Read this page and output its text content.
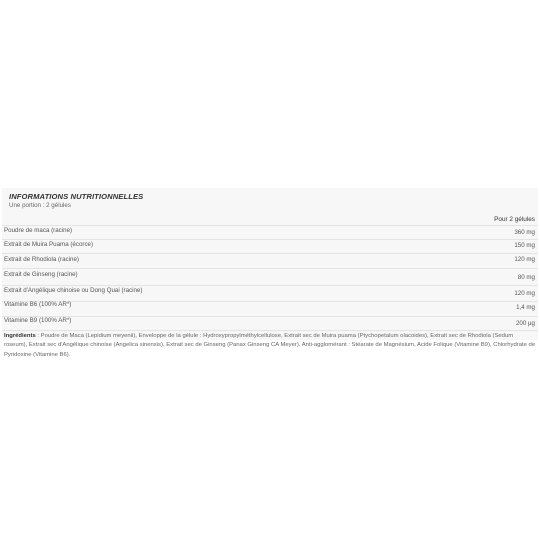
INFORMATIONS NUTRITIONNELLES
Une portion : 2 gélules
Pour 2 gélules
Poudre de maca (racine)	360 mg
Extrait de Muira Puama (écorce)	150 mg
Extrait de Rhodiola (racine)	120 mg
Extrait de Ginseng (racine)	80 mg
Extrait d'Angélique chinoise ou Dong Quai (racine)	120 mg
Vitamine B6 (100% AR*)	1,4 mg
Vitamine B9 (100% AR*)	200 µg
Ingrédients : Poudre de Maca (Lepidium meyenii), Enveloppe de la gélule : Hydroxypropylméthylcellulose, Extrait sec de Muira puama (Ptychopetalum olacoides), Extrait sec de Rhodiola (Sedum roseum), Extrait sec d'Angélique chinoise (Angelica sinensis), Extrait sec de Ginseng (Panax Ginseng CA Meyer), Anti-agglomérant : Stéarate de Magnésium, Acide Folique (Vitamine B9), Chlorhydrate de Pyridoxine (Vitamine B6).
